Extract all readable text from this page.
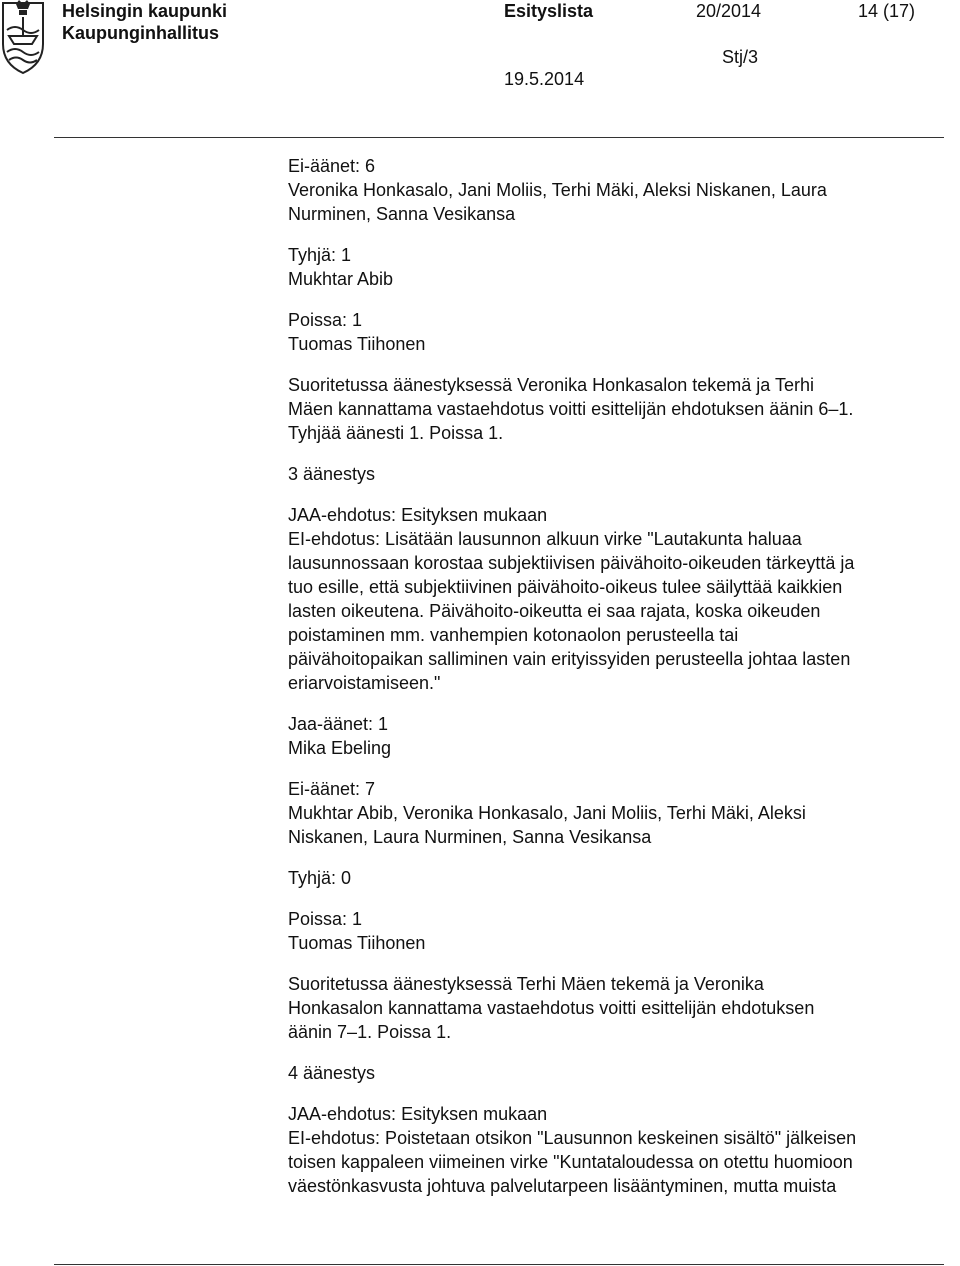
Helsingin kaupunki
Kaupunginhallitus
Esityslista	20/2014	14 (17)
Stj/3
19.5.2014

Ei-äänet: 6
Veronika Honkasalo, Jani Moliis, Terhi Mäki, Aleksi Niskanen, Laura
Nurminen, Sanna Vesikansa

Tyhjä: 1
Mukhtar Abib

Poissa: 1
Tuomas Tiihonen

Suoritetussa äänestyksessä Veronika Honkasalon tekemä ja Terhi
Mäen kannattama vastaehdotus voitti esittelijän ehdotuksen äänin 6–1.
Tyhjää äänesti 1. Poissa 1.

3 äänestys

JAA-ehdotus: Esityksen mukaan
EI-ehdotus: Lisätään lausunnon alkuun virke "Lautakunta haluaa
lausunnossaan korostaa subjektiivisen päivähoito-oikeuden tärkeyttä ja
tuo esille, että subjektiivinen päivähoito-oikeus tulee säilyttää kaikkien
lasten oikeutena. Päivähoito-oikeutta ei saa rajata, koska oikeuden
poistaminen mm. vanhempien kotonaolon perusteella tai
päivähoitopaikan salliminen vain erityissyiden perusteella johtaa lasten
eriarvoistamiseen."

Jaa-äänet: 1
Mika Ebeling

Ei-äänet: 7
Mukhtar Abib, Veronika Honkasalo, Jani Moliis, Terhi Mäki, Aleksi
Niskanen, Laura Nurminen, Sanna Vesikansa

Tyhjä: 0

Poissa: 1
Tuomas Tiihonen

Suoritetussa äänestyksessä Terhi Mäen tekemä ja Veronika
Honkasalon kannattama vastaehdotus voitti esittelijän ehdotuksen
äänin 7–1. Poissa 1.

4 äänestys

JAA-ehdotus: Esityksen mukaan
EI-ehdotus: Poistetaan otsikon "Lausunnon keskeinen sisältö" jälkeisen
toisen kappaleen viimeinen virke "Kuntataloudessa on otettu huomioon
väestönkasvusta johtuva palvelutarpeen lisääntyminen, mutta muista
